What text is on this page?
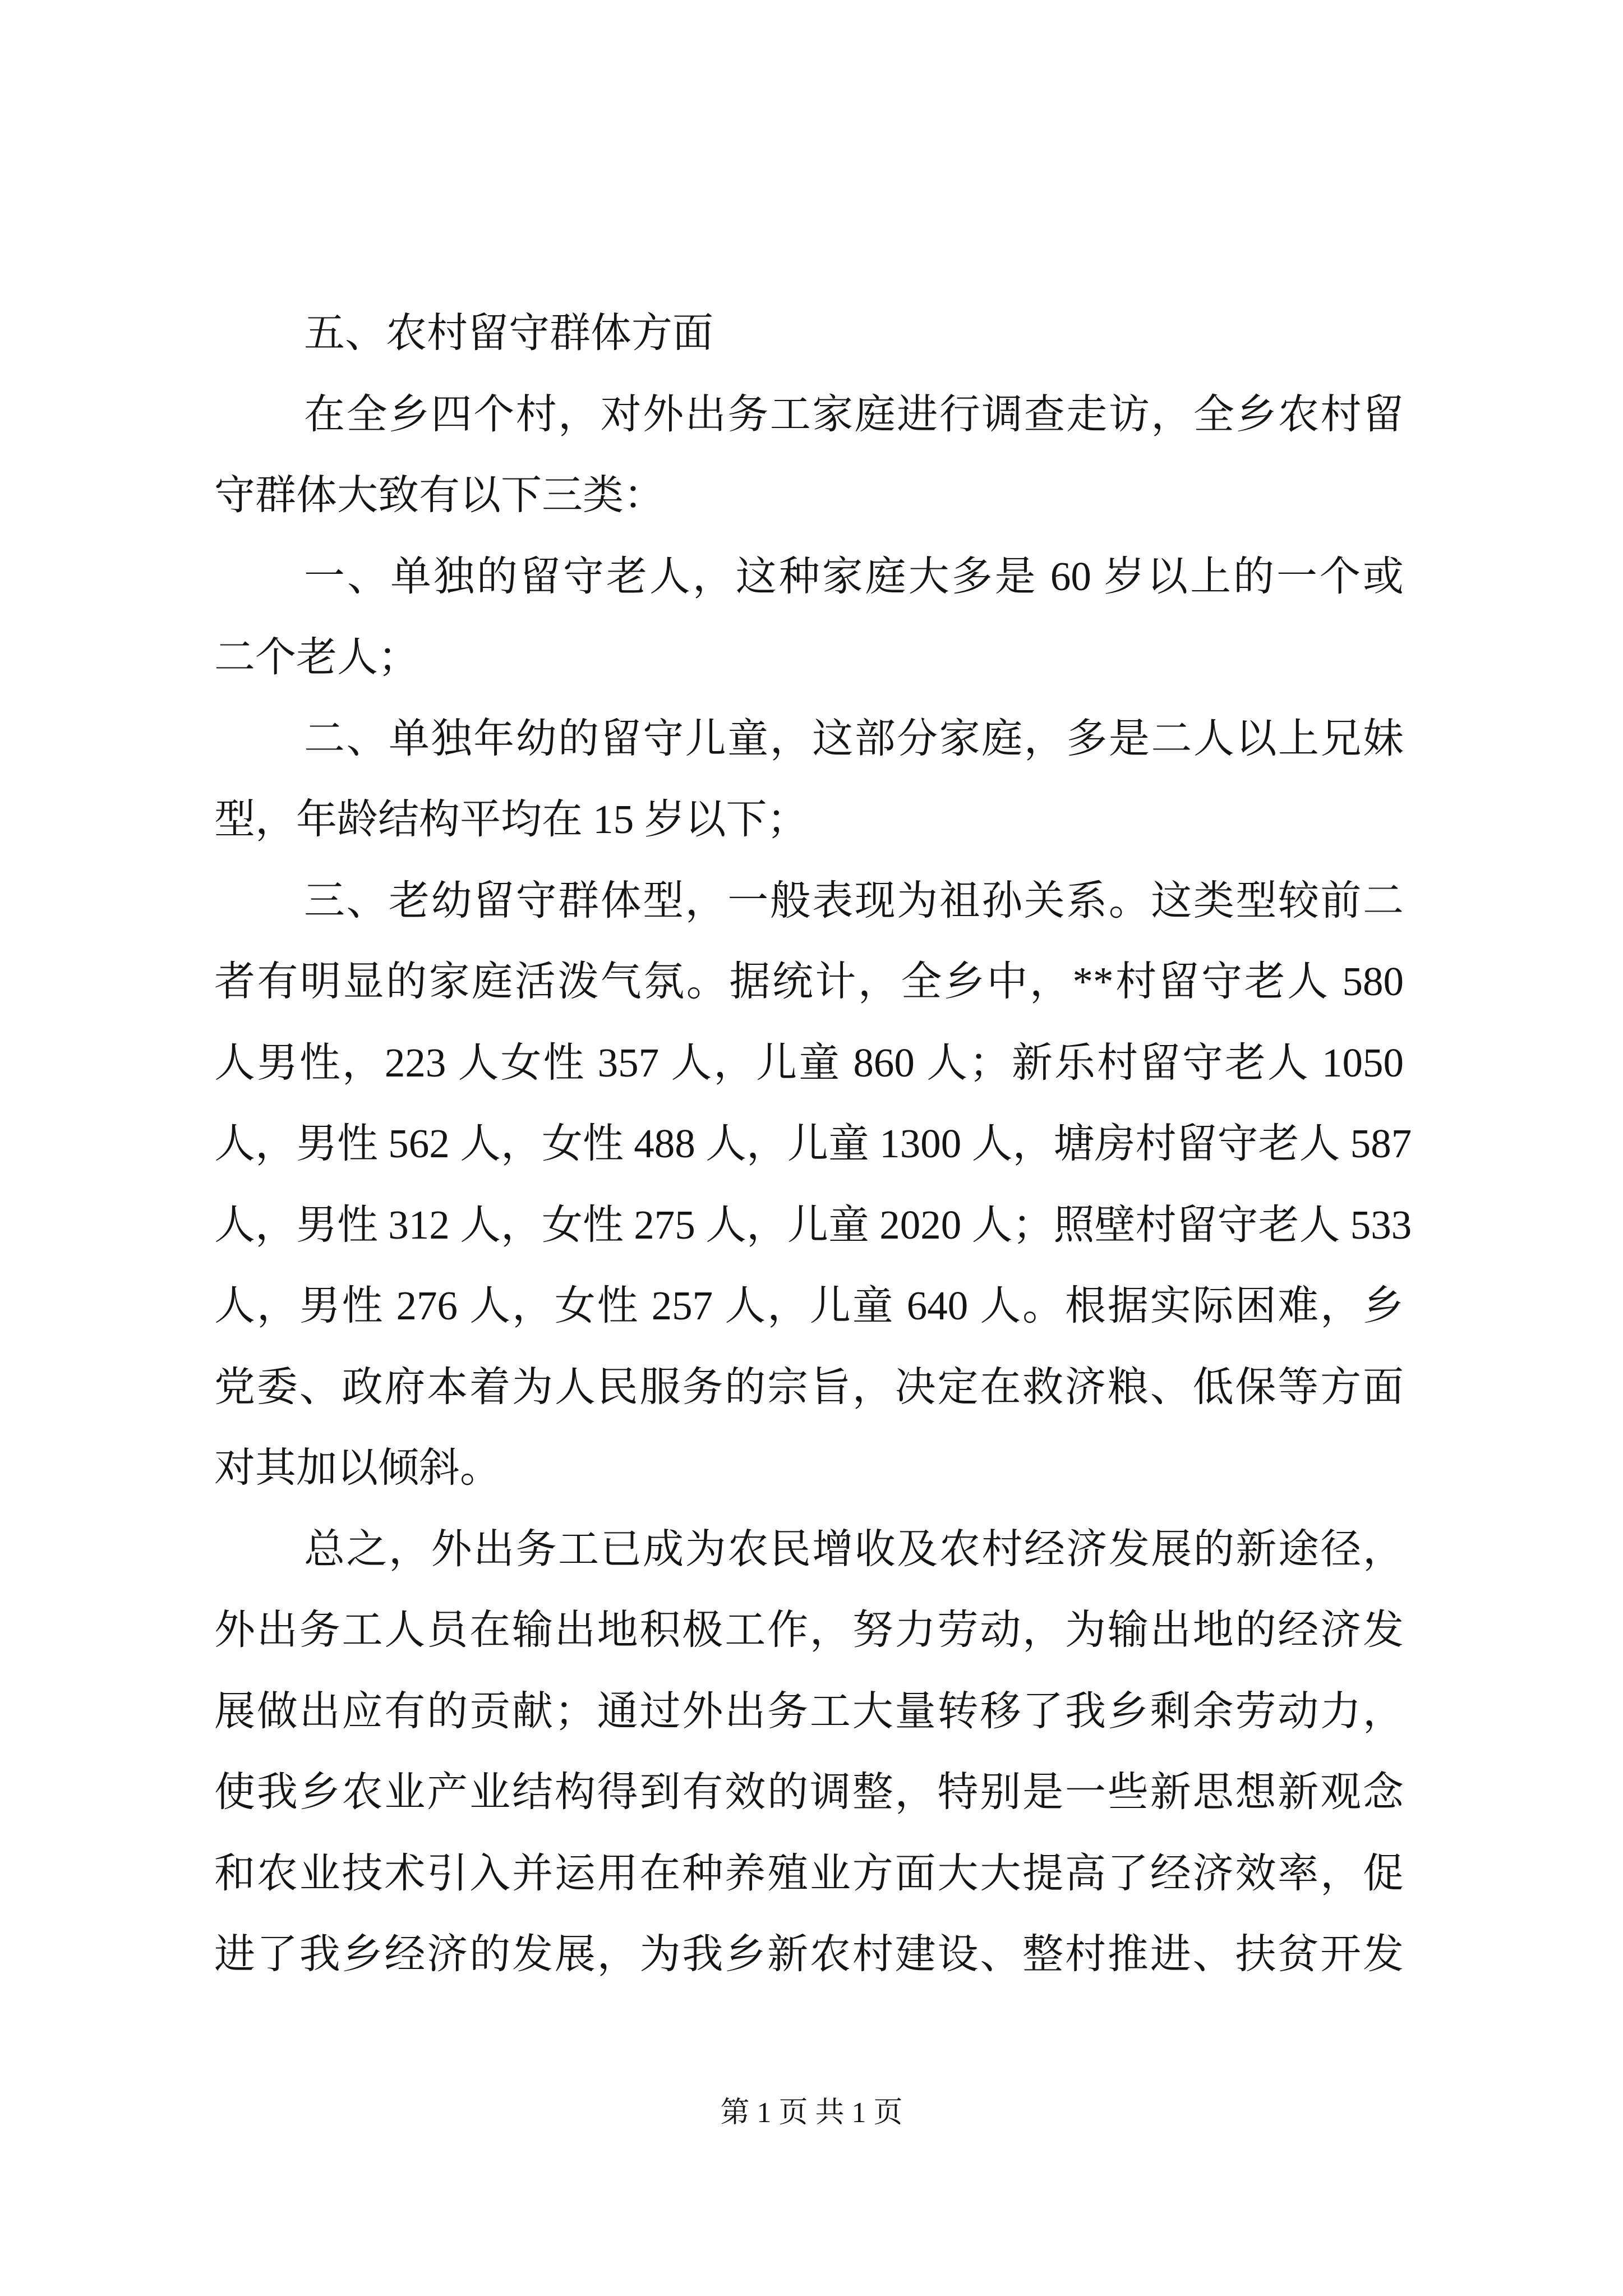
五、农村留守群体方面
在全乡四个村，对外出务工家庭进行调查走访，全乡农村留
守群体大致有以下三类：
一、单独的留守老人，这种家庭大多是 60 岁以上的一个或
二个老人；
二、单独年幼的留守儿童，这部分家庭，多是二人以上兄妹
型，年龄结构平均在 15 岁以下；
三、老幼留守群体型，一般表现为祖孙关系。这类型较前二
者有明显的家庭活泼气氛。据统计，全乡中，**村留守老人 580
人男性，223 人女性 357 人，儿童 860 人；新乐村留守老人 1050
人，男性 562 人，女性 488 人，儿童 1300 人，塘房村留守老人 587
人，男性 312 人，女性 275 人，儿童 2020 人；照壁村留守老人 533
人，男性 276 人，女性 257 人，儿童 640 人。根据实际困难，乡
党委、政府本着为人民服务的宗旨，决定在救济粮、低保等方面
对其加以倾斜。
总之，外出务工已成为农民增收及农村经济发展的新途径，
外出务工人员在输出地积极工作，努力劳动，为输出地的经济发
展做出应有的贡献；通过外出务工大量转移了我乡剩余劳动力，
使我乡农业产业结构得到有效的调整，特别是一些新思想新观念
和农业技术引入并运用在种养殖业方面大大提高了经济效率，促
进了我乡经济的发展，为我乡新农村建设、整村推进、扶贫开发
第 1 页 共 1 页
